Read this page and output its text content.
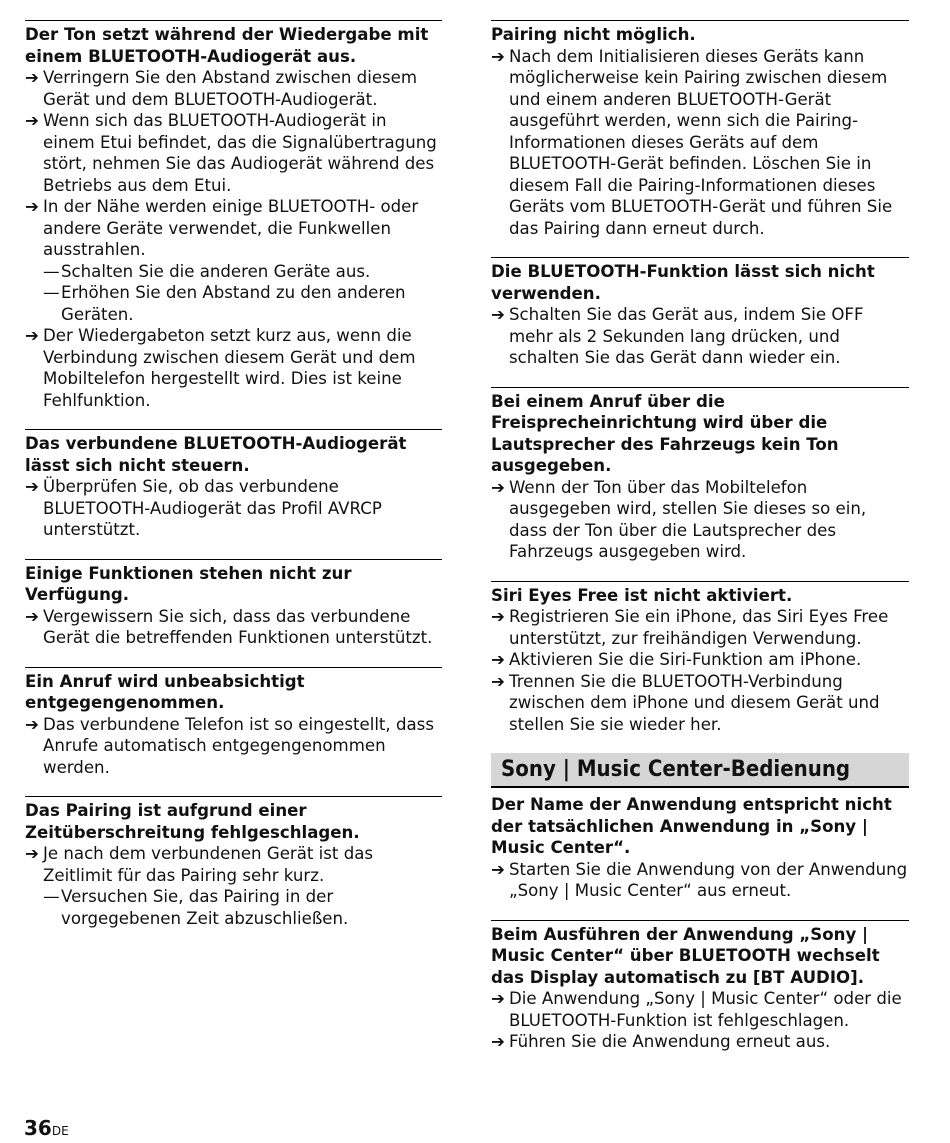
Der Ton setzt während der Wiedergabe mit einem BLUETOOTH-Audiogerät aus.
➔ Verringern Sie den Abstand zwischen diesem Gerät und dem BLUETOOTH-Audiogerät.
➔ Wenn sich das BLUETOOTH-Audiogerät in einem Etui befindet, das die Signalübertragung stört, nehmen Sie das Audiogerät während des Betriebs aus dem Etui.
➔ In der Nähe werden einige BLUETOOTH- oder andere Geräte verwendet, die Funkwellen ausstrahlen.
— Schalten Sie die anderen Geräte aus.
— Erhöhen Sie den Abstand zu den anderen Geräten.
➔ Der Wiedergabeton setzt kurz aus, wenn die Verbindung zwischen diesem Gerät und dem Mobiltelefon hergestellt wird. Dies ist keine Fehlfunktion.
Das verbundene BLUETOOTH-Audiogerät lässt sich nicht steuern.
➔ Überprüfen Sie, ob das verbundene BLUETOOTH-Audiogerät das Profil AVRCP unterstützt.
Einige Funktionen stehen nicht zur Verfügung.
➔ Vergewissern Sie sich, dass das verbundene Gerät die betreffenden Funktionen unterstützt.
Ein Anruf wird unbeabsichtigt entgegengenommen.
➔ Das verbundene Telefon ist so eingestellt, dass Anrufe automatisch entgegengenommen werden.
Das Pairing ist aufgrund einer Zeitüberschreitung fehlgeschlagen.
➔ Je nach dem verbundenen Gerät ist das Zeitlimit für das Pairing sehr kurz.
— Versuchen Sie, das Pairing in der vorgegebenen Zeit abzuschließen.
Pairing nicht möglich.
➔ Nach dem Initialisieren dieses Geräts kann möglicherweise kein Pairing zwischen diesem und einem anderen BLUETOOTH-Gerät ausgeführt werden, wenn sich die Pairing-Informationen dieses Geräts auf dem BLUETOOTH-Gerät befinden. Löschen Sie in diesem Fall die Pairing-Informationen dieses Geräts vom BLUETOOTH-Gerät und führen Sie das Pairing dann erneut durch.
Die BLUETOOTH-Funktion lässt sich nicht verwenden.
➔ Schalten Sie das Gerät aus, indem Sie OFF mehr als 2 Sekunden lang drücken, und schalten Sie das Gerät dann wieder ein.
Bei einem Anruf über die Freisprecheinrichtung wird über die Lautsprecher des Fahrzeugs kein Ton ausgegeben.
➔ Wenn der Ton über das Mobiltelefon ausgegeben wird, stellen Sie dieses so ein, dass der Ton über die Lautsprecher des Fahrzeugs ausgegeben wird.
Siri Eyes Free ist nicht aktiviert.
➔ Registrieren Sie ein iPhone, das Siri Eyes Free unterstützt, zur freihändigen Verwendung.
➔ Aktivieren Sie die Siri-Funktion am iPhone.
➔ Trennen Sie die BLUETOOTH-Verbindung zwischen dem iPhone und diesem Gerät und stellen Sie sie wieder her.
Sony | Music Center-Bedienung
Der Name der Anwendung entspricht nicht der tatsächlichen Anwendung in „Sony | Music Center“.
➔ Starten Sie die Anwendung von der Anwendung „Sony | Music Center“ aus erneut.
Beim Ausführen der Anwendung „Sony | Music Center“ über BLUETOOTH wechselt das Display automatisch zu [BT AUDIO].
➔ Die Anwendung „Sony | Music Center“ oder die BLUETOOTH-Funktion ist fehlgeschlagen.
➔ Führen Sie die Anwendung erneut aus.
36DE
